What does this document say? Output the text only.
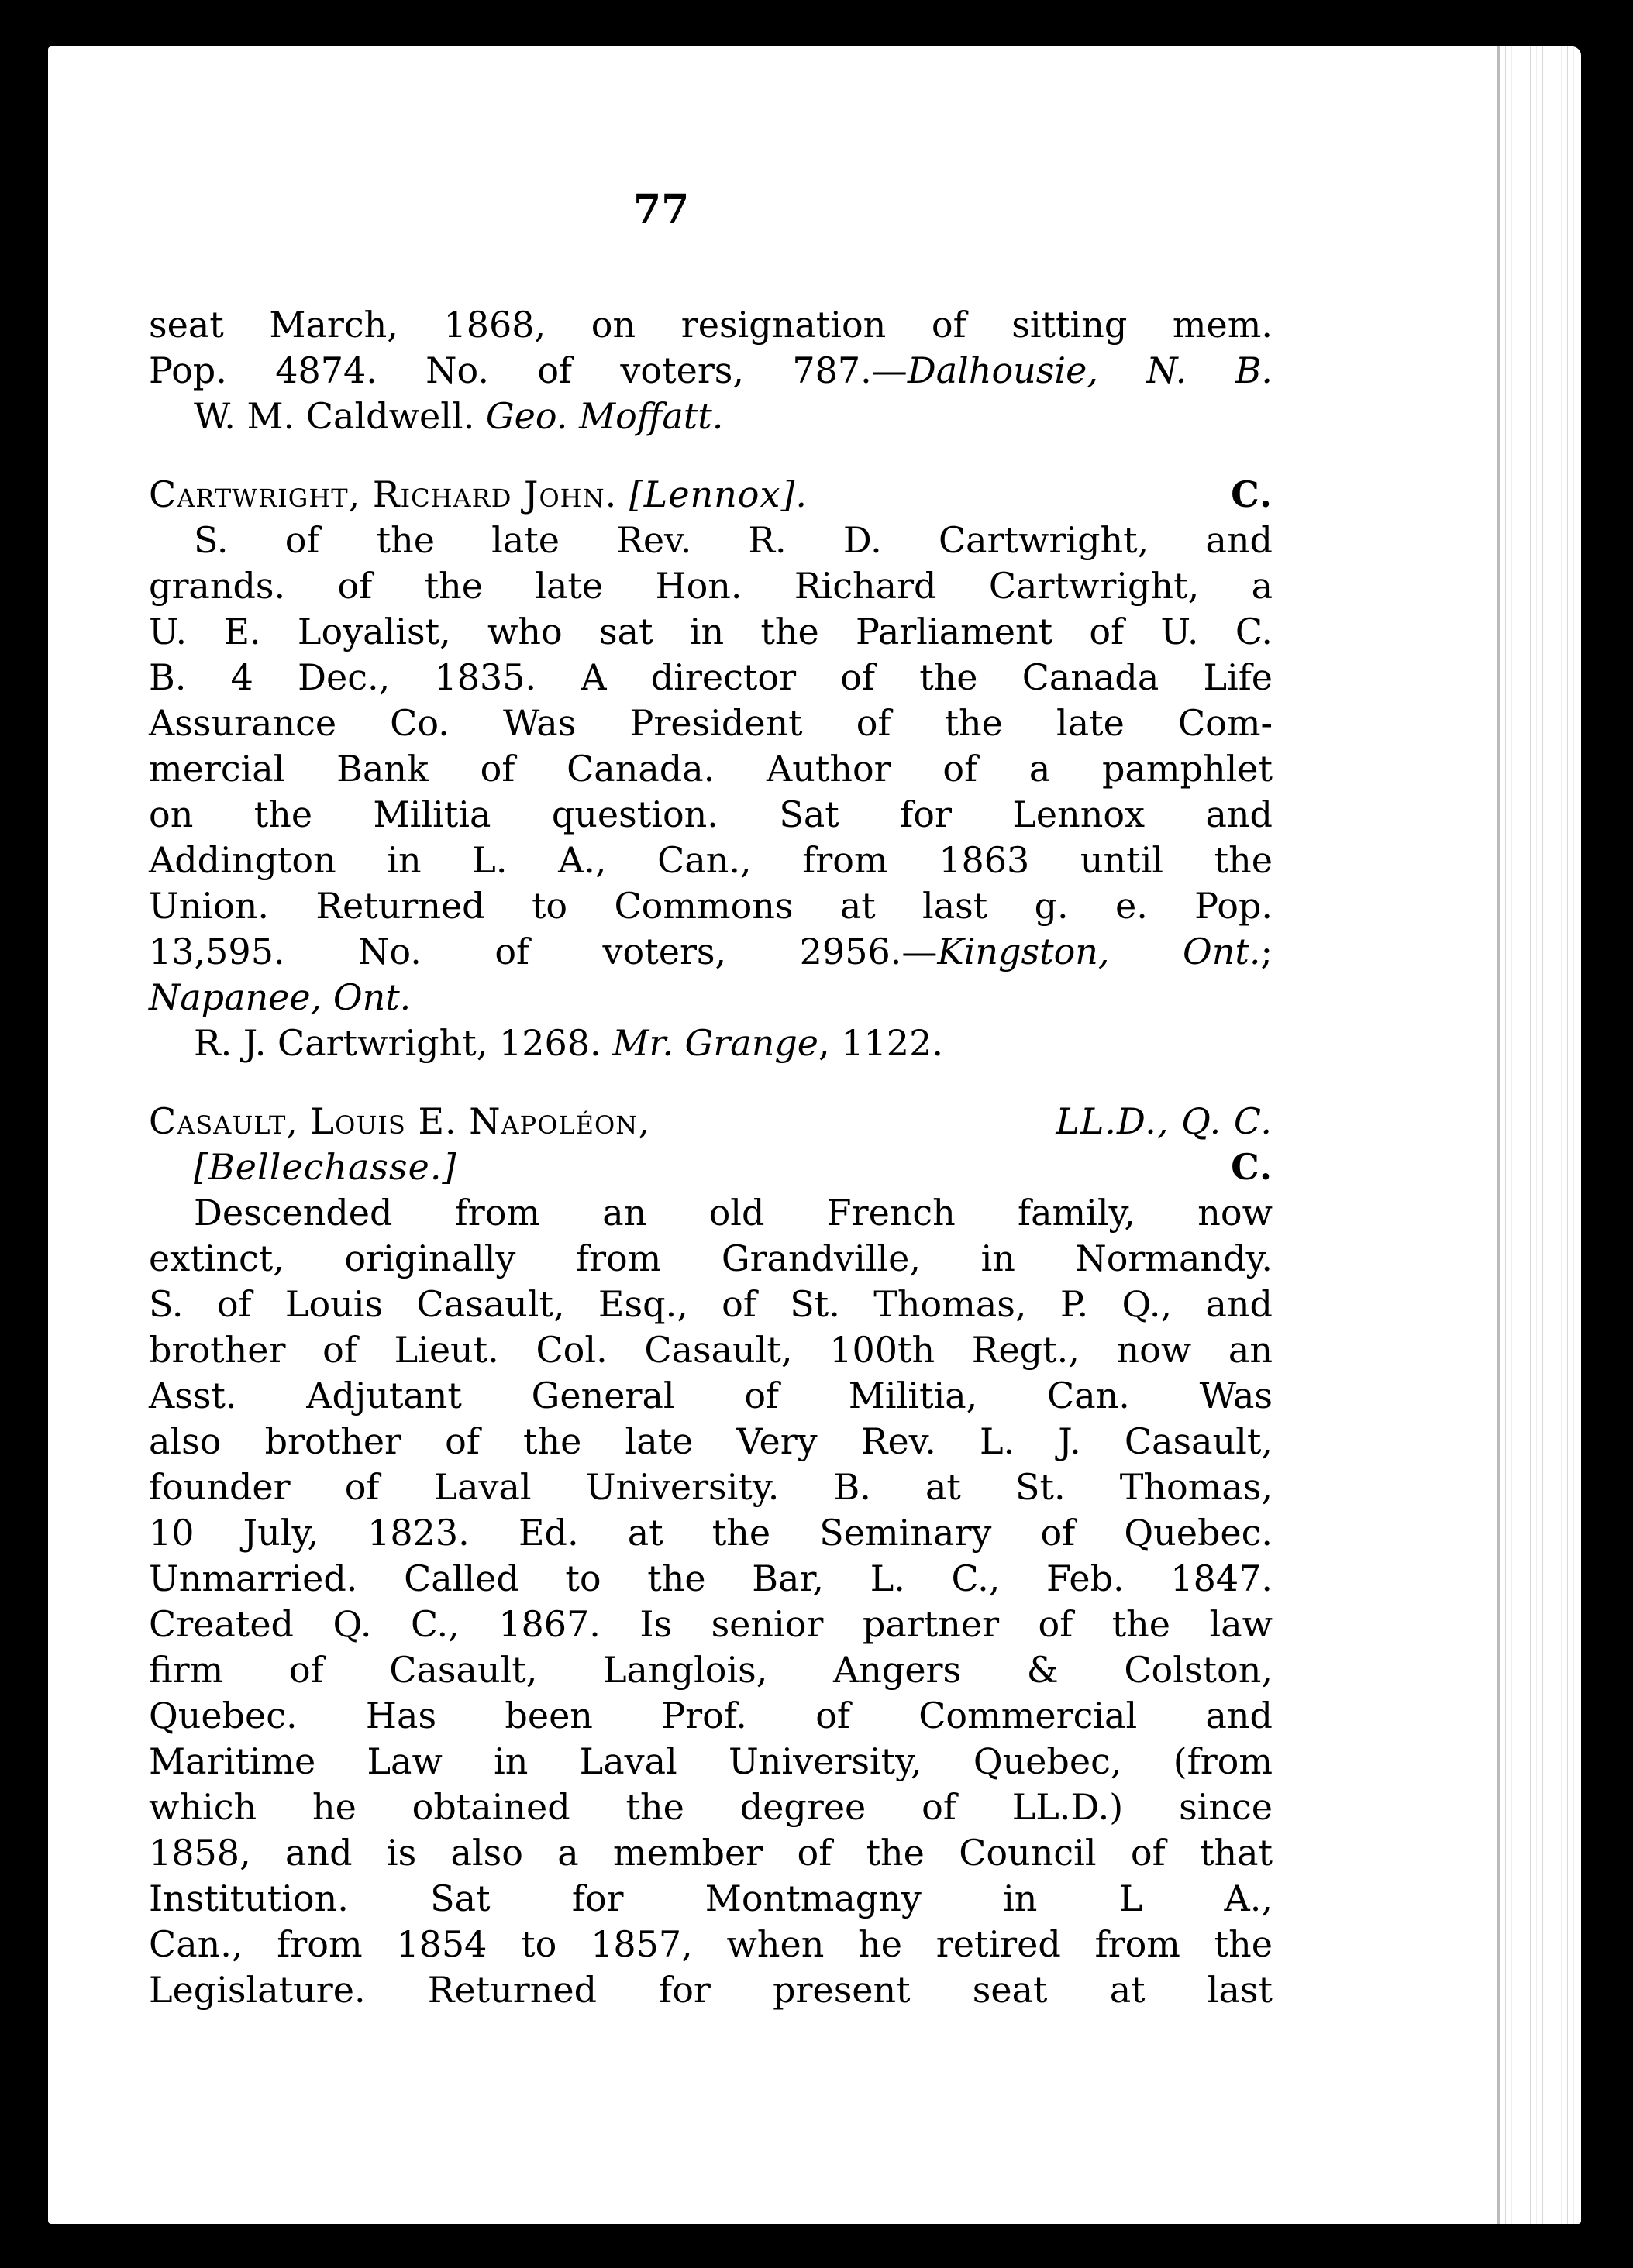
77
seat March, 1868, on resignation of sitting mem.
Pop. 4874. No. of voters, 787.—Dalhousie, N. B.
W. M. Caldwell. Geo. Moffatt.
Cartwright, Richard John. [Lennox].	C.
S. of the late Rev. R. D. Cartwright, and
grands. of the late Hon. Richard Cartwright, a
U. E. Loyalist, who sat in the Parliament of U. C.
B. 4 Dec., 1835. A director of the Canada Life
Assurance Co. Was President of the late Com-
mercial Bank of Canada. Author of a pamphlet
on the Militia question. Sat for Lennox and
Addington in L. A., Can., from 1863 until the
Union. Returned to Commons at last g. e. Pop.
13,595. No. of voters, 2956.—Kingston, Ont.;
Napanee, Ont.
R. J. Cartwright, 1268. Mr. Grange, 1122.
Casault, Louis E. Napoléon,	LL.D., Q. C.
[Bellechasse.]	C.
Descended from an old French family, now
extinct, originally from Grandville, in Normandy.
S. of Louis Casault, Esq., of St. Thomas, P. Q., and
brother of Lieut. Col. Casault, 100th Regt., now an
Asst. Adjutant General of Militia, Can. Was
also brother of the late Very Rev. L. J. Casault,
founder of Laval University. B. at St. Thomas,
10 July, 1823. Ed. at the Seminary of Quebec.
Unmarried. Called to the Bar, L. C., Feb. 1847.
Created Q. C., 1867. Is senior partner of the law
firm of Casault, Langlois, Angers & Colston,
Quebec. Has been Prof. of Commercial and
Maritime Law in Laval University, Quebec, (from
which he obtained the degree of LL.D.) since
1858, and is also a member of the Council of that
Institution. Sat for Montmagny in L A.,
Can., from 1854 to 1857, when he retired from the
Legislature. Returned for present seat at last
